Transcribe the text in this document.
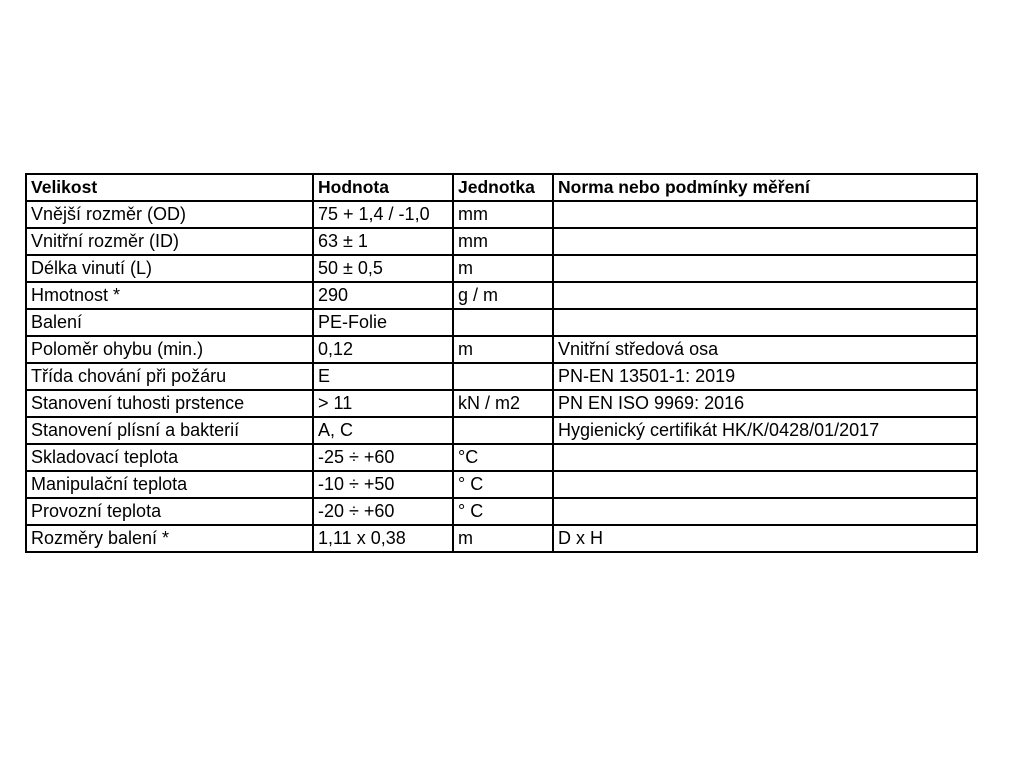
Velikost	Hodnota	Jednotka	Norma nebo podmínky měření
Vnější rozměr (OD)	75 + 1,4 / -1,0	mm	
Vnitřní rozměr (ID)	63 ± 1	mm	
Délka vinutí (L)	50 ± 0,5	m	
Hmotnost *	290	g / m	
Balení	PE-Folie		
Poloměr ohybu (min.)	0,12	m	Vnitřní středová osa
Třída chování při požáru	E		PN-EN 13501-1: 2019
Stanovení tuhosti prstence	> 11	kN / m2	PN EN ISO 9969: 2016
Stanovení plísní a bakterií	A, C		Hygienický certifikát HK/K/0428/01/2017
Skladovací teplota	-25 ÷ +60	°C	
Manipulační teplota	-10 ÷ +50	° C	
Provozní teplota	-20 ÷ +60	° C	
Rozměry balení *	1,11 x 0,38	m	D x H
